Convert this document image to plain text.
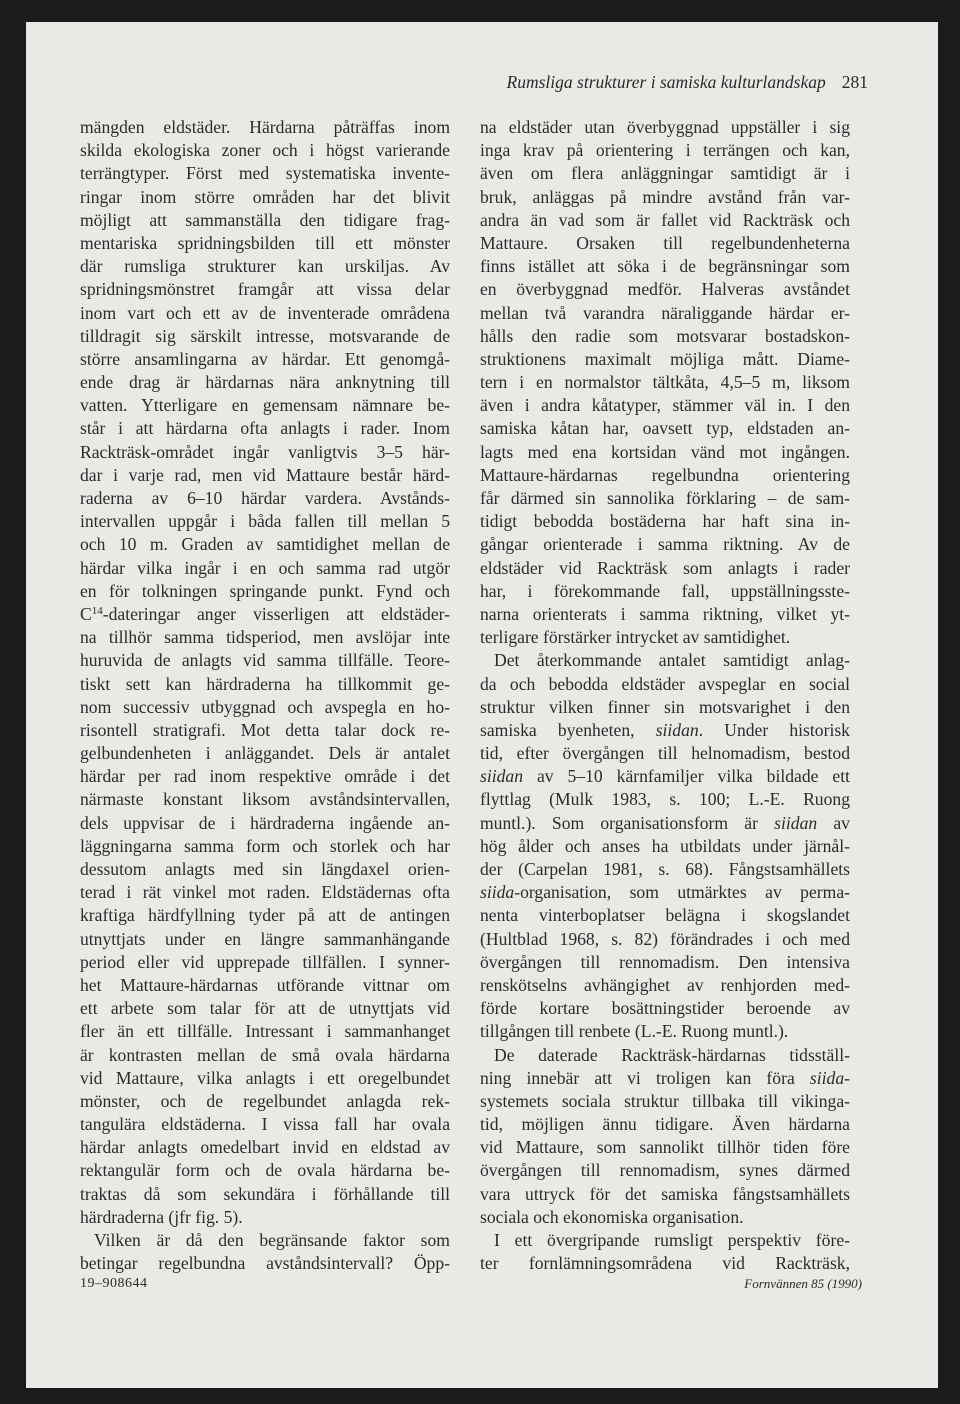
Rumsliga strukturer i samiska kulturlandskap 281
mängden eldstäder. Härdarna påträffas inom
skilda ekologiska zoner och i högst varierande
terrängtyper. Först med systematiska invente-
ringar inom större områden har det blivit
möjligt att sammanställa den tidigare frag-
mentariska spridningsbilden till ett mönster
där rumsliga strukturer kan urskiljas. Av
spridningsmönstret framgår att vissa delar
inom vart och ett av de inventerade områdena
tilldragit sig särskilt intresse, motsvarande de
större ansamlingarna av härdar. Ett genomgå-
ende drag är härdarnas nära anknytning till
vatten. Ytterligare en gemensam nämnare be-
står i att härdarna ofta anlagts i rader. Inom
Rackträsk-området ingår vanligtvis 3–5 här-
dar i varje rad, men vid Mattaure består härd-
raderna av 6–10 härdar vardera. Avstånds-
intervallen uppgår i båda fallen till mellan 5
och 10 m. Graden av samtidighet mellan de
härdar vilka ingår i en och samma rad utgör
en för tolkningen springande punkt. Fynd och
$C^{14}$-dateringar anger visserligen att eldstäder-
na tillhör samma tidsperiod, men avslöjar inte
huruvida de anlagts vid samma tillfälle. Teore-
tiskt sett kan härdraderna ha tillkommit ge-
nom successiv utbyggnad och avspegla en ho-
risontell stratigrafi. Mot detta talar dock re-
gelbundenheten i anläggandet. Dels är antalet
härdar per rad inom respektive område i det
närmaste konstant liksom avståndsintervallen,
dels uppvisar de i härdraderna ingående an-
läggningarna samma form och storlek och har
dessutom anlagts med sin längdaxel orien-
terad i rät vinkel mot raden. Eldstädernas ofta
kraftiga härdfyllning tyder på att de antingen
utnyttjats under en längre sammanhängande
period eller vid upprepade tillfällen. I synner-
het Mattaure-härdarnas utförande vittnar om
ett arbete som talar för att de utnyttjats vid
fler än ett tillfälle. Intressant i sammanhanget
är kontrasten mellan de små ovala härdarna
vid Mattaure, vilka anlagts i ett oregelbundet
mönster, och de regelbundet anlagda rek-
tangulära eldstäderna. I vissa fall har ovala
härdar anlagts omedelbart invid en eldstad av
rektangulär form och de ovala härdarna be-
traktas då som sekundära i förhållande till
härdraderna (jfr fig. 5).
Vilken är då den begränsande faktor som
betingar regelbundna avståndsintervall? Öpp-
na eldstäder utan överbyggnad uppställer i sig
inga krav på orientering i terrängen och kan,
även om flera anläggningar samtidigt är i
bruk, anläggas på mindre avstånd från var-
andra än vad som är fallet vid Rackträsk och
Mattaure. Orsaken till regelbundenheterna
finns istället att söka i de begränsningar som
en överbyggnad medför. Halveras avståndet
mellan två varandra näraliggande härdar er-
hålls den radie som motsvarar bostadskon-
struktionens maximalt möjliga mått. Diame-
tern i en normalstor tältkåta, 4,5–5 m, liksom
även i andra kåtatyper, stämmer väl in. I den
samiska kåtan har, oavsett typ, eldstaden an-
lagts med ena kortsidan vänd mot ingången.
Mattaure-härdarnas regelbundna orientering
får därmed sin sannolika förklaring – de sam-
tidigt bebodda bostäderna har haft sina in-
gångar orienterade i samma riktning. Av de
eldstäder vid Rackträsk som anlagts i rader
har, i förekommande fall, uppställningsste-
narna orienterats i samma riktning, vilket yt-
terligare förstärker intrycket av samtidighet.
Det återkommande antalet samtidigt anlag-
da och bebodda eldstäder avspeglar en social
struktur vilken finner sin motsvarighet i den
samiska byenheten, siidan. Under historisk
tid, efter övergången till helnomadism, bestod
siidan av 5–10 kärnfamiljer vilka bildade ett
flyttlag (Mulk 1983, s. 100; L.-E. Ruong
muntl.). Som organisationsform är siidan av
hög ålder och anses ha utbildats under järnål-
der (Carpelan 1981, s. 68). Fångstsamhällets
siida-organisation, som utmärktes av perma-
nenta vinterboplatser belägna i skogslandet
(Hultblad 1968, s. 82) förändrades i och med
övergången till rennomadism. Den intensiva
renskötselns avhängighet av renhjorden med-
förde kortare bosättningstider beroende av
tillgången till renbete (L.-E. Ruong muntl.).
De daterade Rackträsk-härdarnas tidsställ-
ning innebär att vi troligen kan föra siida-
systemets sociala struktur tillbaka till vikinga-
tid, möjligen ännu tidigare. Även härdarna
vid Mattaure, som sannolikt tillhör tiden före
övergången till rennomadism, synes därmed
vara uttryck för det samiska fångstsamhällets
sociala och ekonomiska organisation.
I ett övergripande rumsligt perspektiv före-
ter fornlämningsområdena vid Rackträsk,
19–908644	Fornvännen 85 (1990)
